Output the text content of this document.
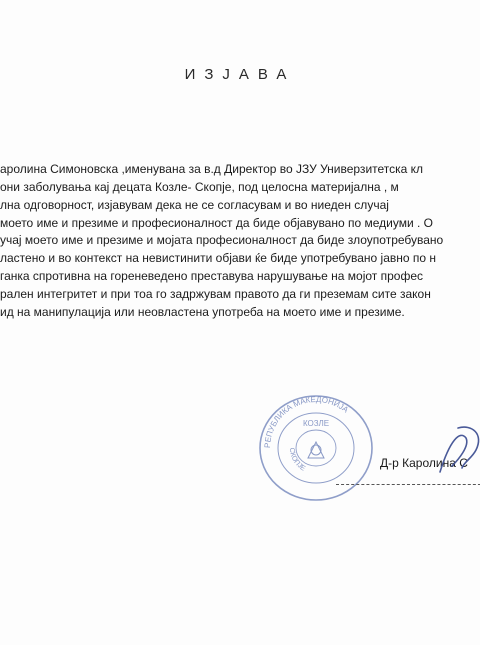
ИЗЈАВА
аролина Симоновска ,именувана за в.д Директор во ЈЗУ Универзитетска кл
они заболувања кај децата Козле- Скопје, под целосна материјална , м
лна одговорност, изјавувам дека не се согласувам и во ниеден случај
моето име и презиме и професионалност да биде објавувано по медиуми . О
учај моето име и презиме и мојата професионалност да биде злоупотребувано
ластено и во контекст на невистинити објави ќе биде употребувано јавно по н
ганка спротивна на гореневедено преставува нарушување на мојот профес
рален интегритет и при тоа го задржувам правото да ги преземам сите закон
ид на манипулација или неовластена употреба на моето име и презиме.
РЕПУБЛИКА МАКЕДОНИЈА
СКОПЈЕ
КОЗЛЕ
Д-р Каролина С
